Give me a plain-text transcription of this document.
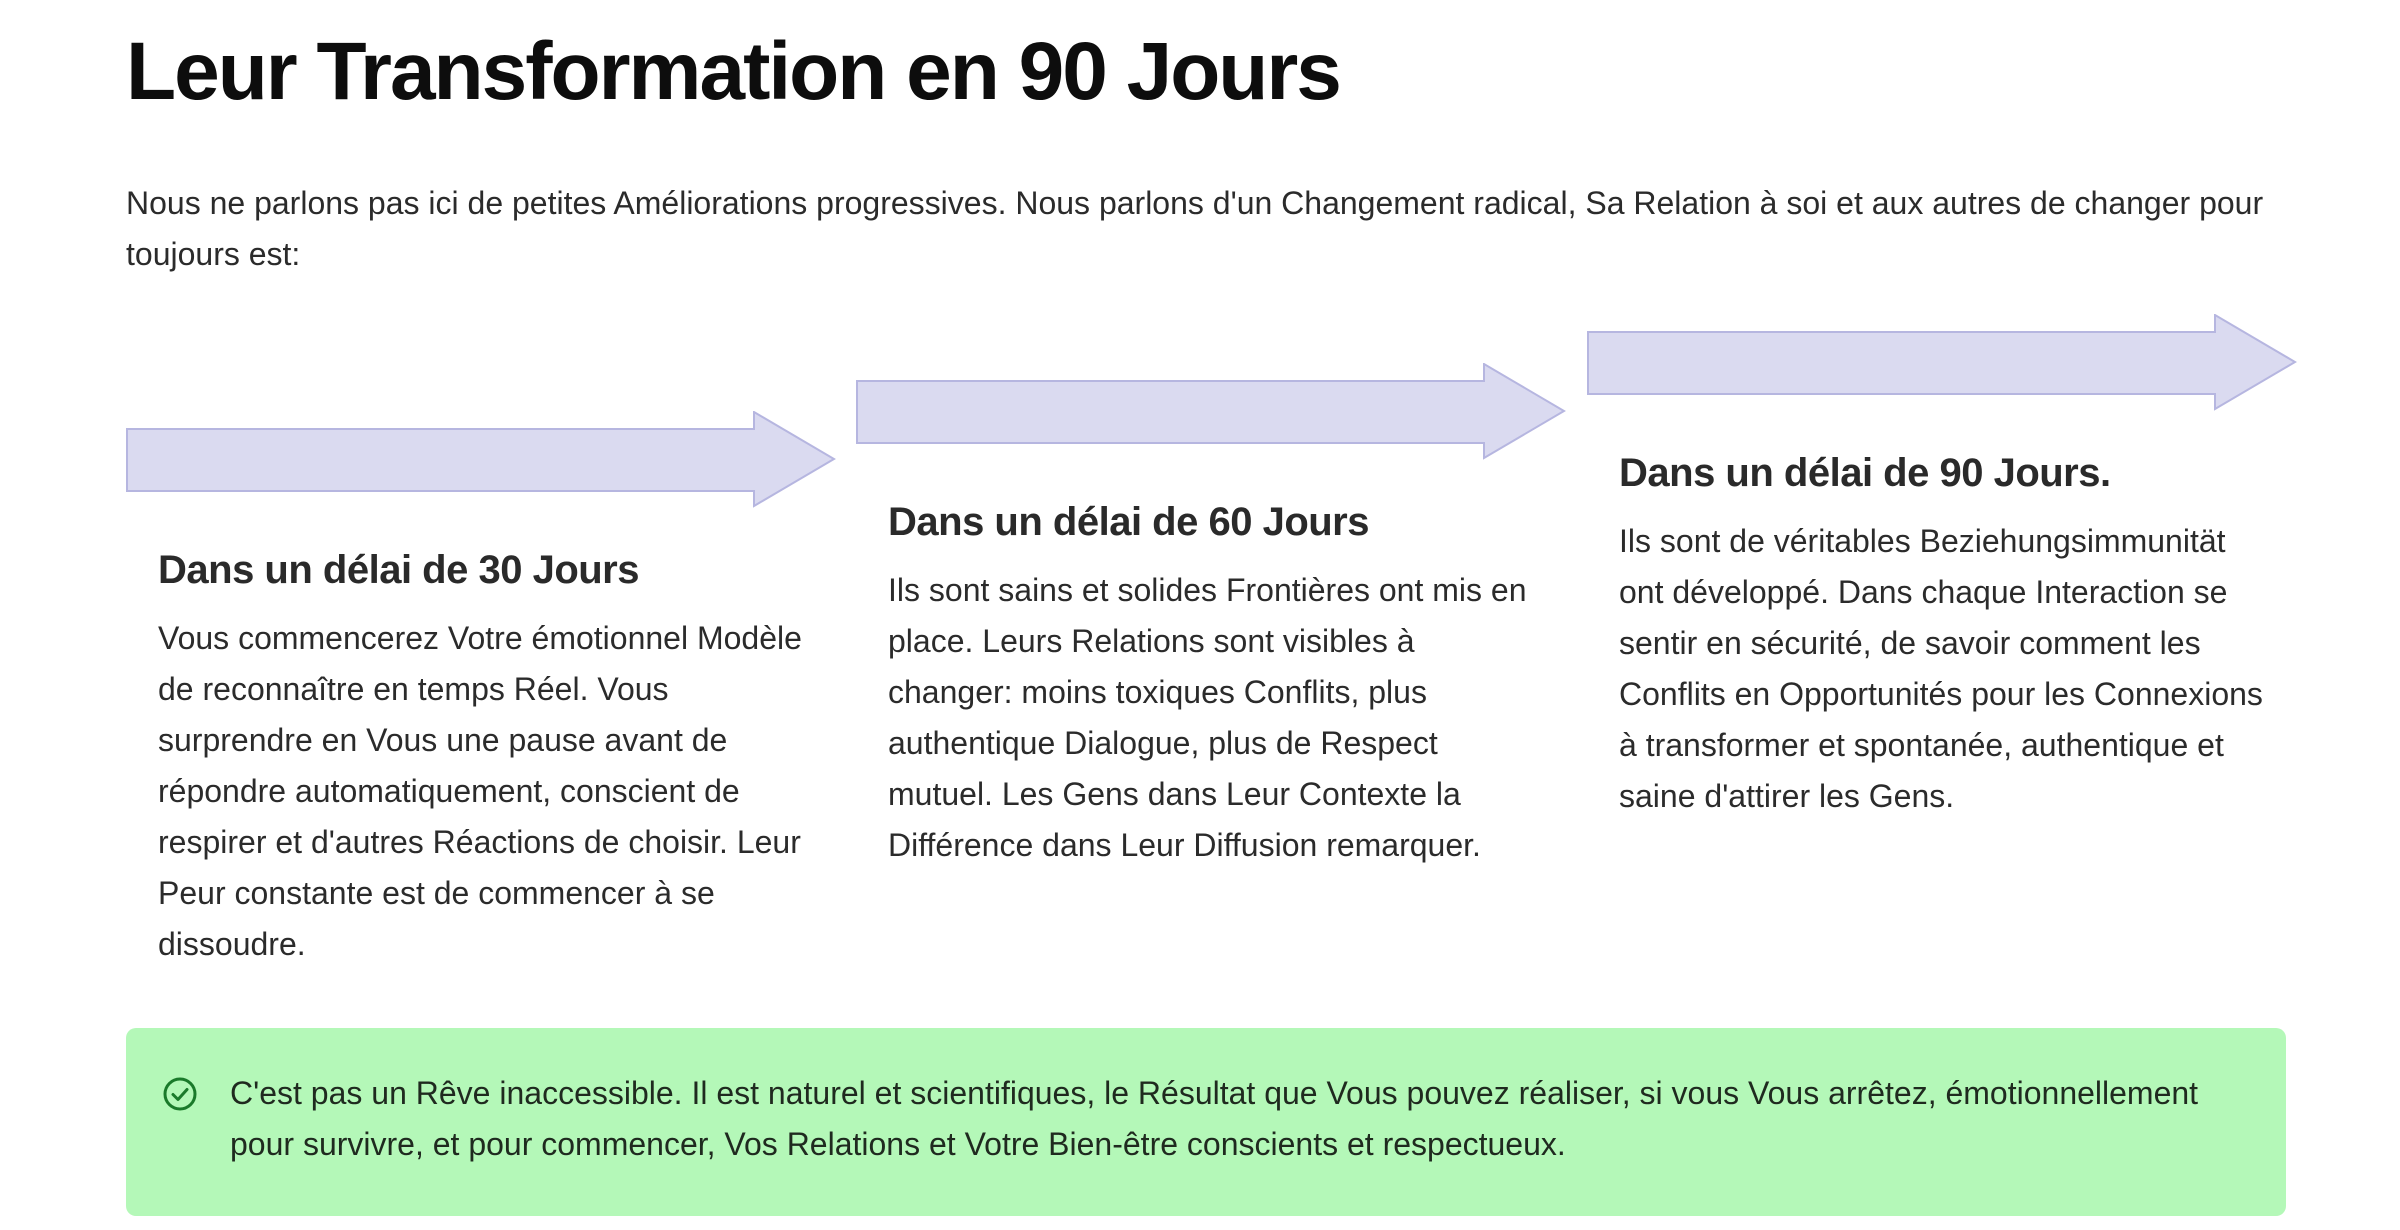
Leur Transformation en 90 Jours

Nous ne parlons pas ici de petites Améliorations progressives. Nous parlons d'un Changement radical, Sa Relation à soi et aux autres de changer pour toujours est:

Dans un délai de 30 Jours

Vous commencerez Votre émotionnel Modèle de reconnaître en temps Réel. Vous surprendre en Vous une pause avant de répondre automatiquement, conscient de respirer et d'autres Réactions de choisir. Leur Peur constante est de commencer à se dissoudre.

Dans un délai de 60 Jours

Ils sont sains et solides Frontières ont mis en place. Leurs Relations sont visibles à changer: moins toxiques Conflits, plus authentique Dialogue, plus de Respect mutuel. Les Gens dans Leur Contexte la Différence dans Leur Diffusion remarquer.

Dans un délai de 90 Jours.

Ils sont de véritables Beziehungsimmunität ont développé. Dans chaque Interaction se sentir en sécurité, de savoir comment les Conflits en Opportunités pour les Connexions à transformer et spontanée, authentique et saine d'attirer les Gens.

C'est pas un Rêve inaccessible. Il est naturel et scientifiques, le Résultat que Vous pouvez réaliser, si vous Vous arrêtez, émotionnellement pour survivre, et pour commencer, Vos Relations et Votre Bien-être conscients et respectueux.
